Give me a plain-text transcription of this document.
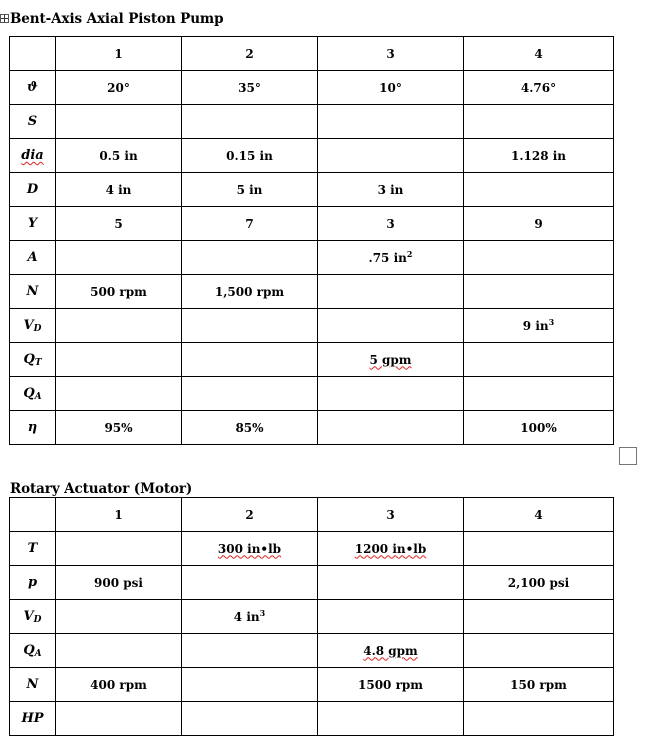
Bent-Axis Axial Piston Pump
	1	2	3	4
ϑ	20°	35°	10°	4.76°
S				
dia	0.5 in	0.15 in		1.128 in
D	4 in	5 in	3 in	
Y	5	7	3	9
A			.75 $in^2$	
N	500 rpm	1,500 rpm		
$V_D$				9 $in^3$
$Q_T$			5 gpm	
$Q_A$				
η	95%	85%		100%
Rotary Actuator (Motor)
	1	2	3	4
T		300 in•lb	1200 in•lb	
p	900 psi			2,100 psi
$V_D$		4 $in^3$		
$Q_A$			4.8 gpm	
N	400 rpm		1500 rpm	150 rpm
HP				
